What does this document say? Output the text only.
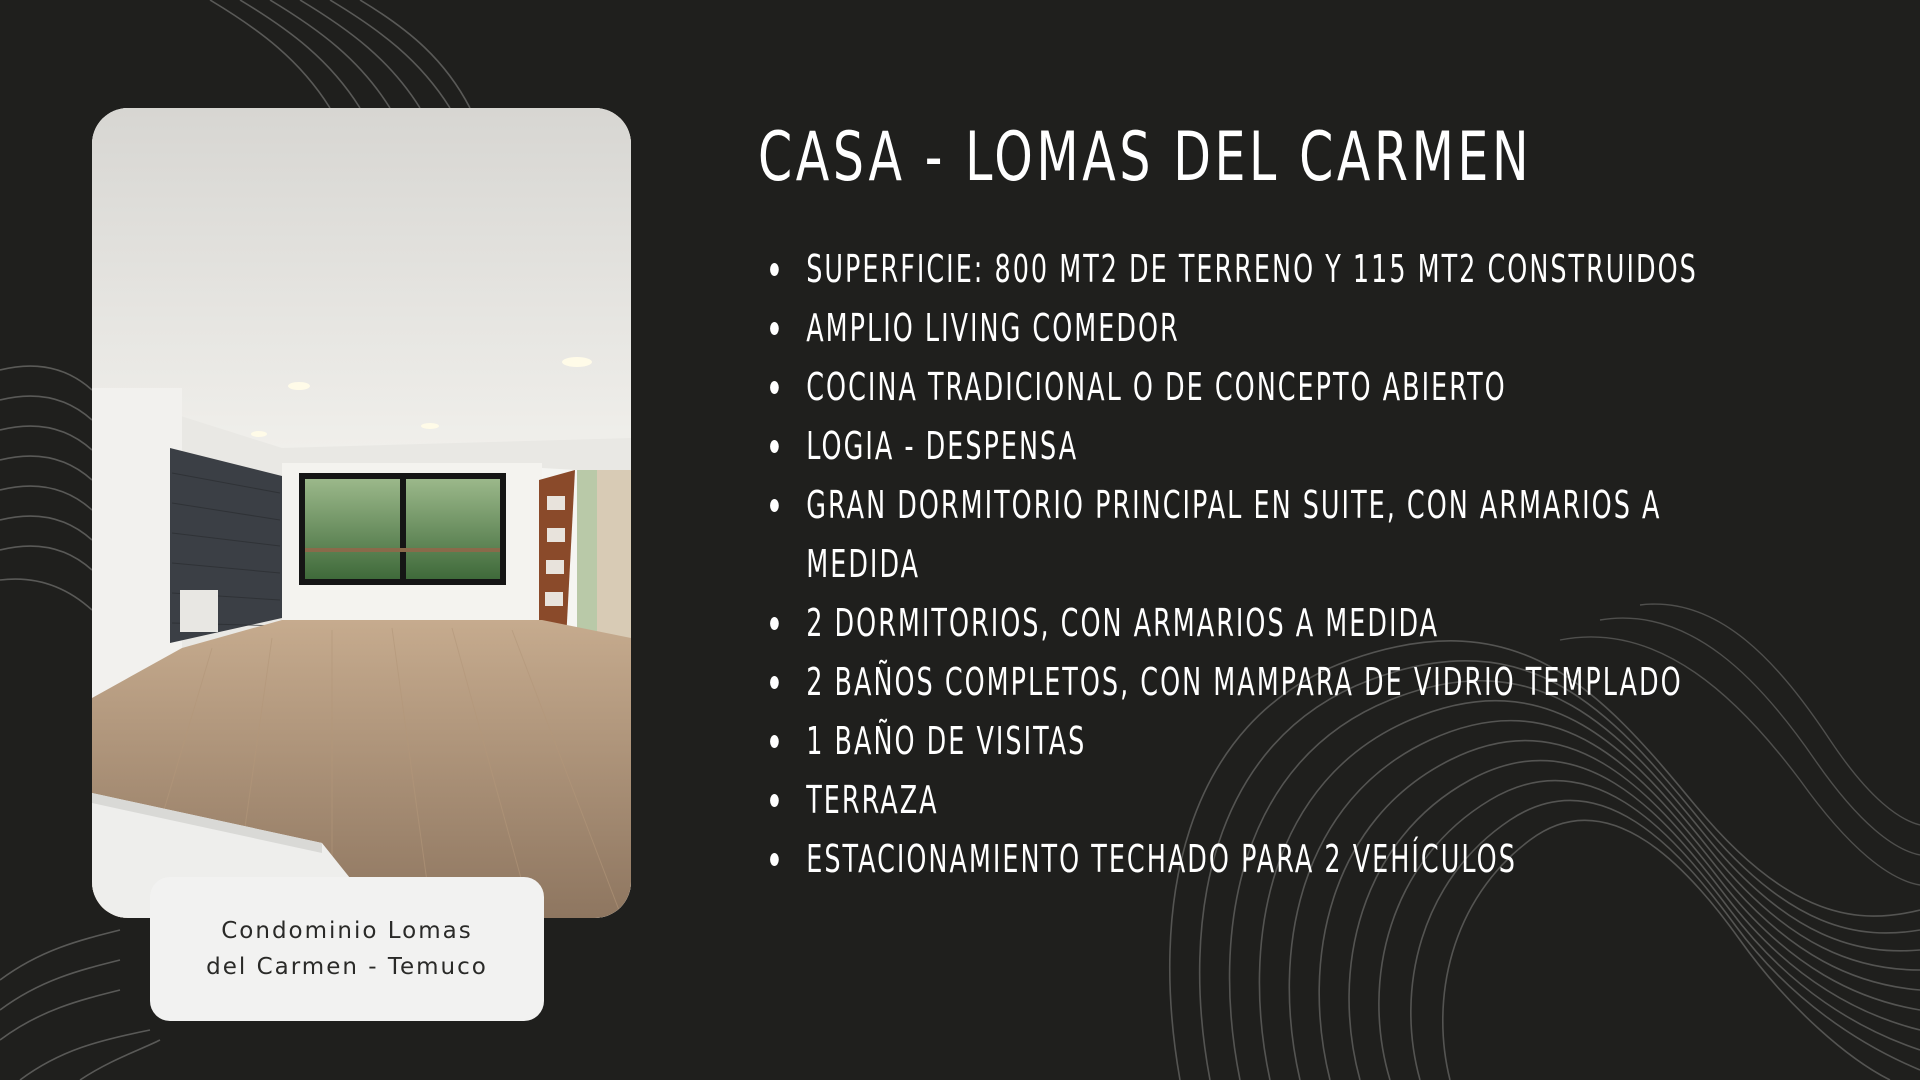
Condominio Lomas del Carmen - Temuco
CASA - LOMAS DEL CARMEN
SUPERFICIE: 800 MT2 DE TERRENO Y 115 MT2 CONSTRUIDOS
AMPLIO LIVING COMEDOR
COCINA TRADICIONAL O DE CONCEPTO ABIERTO
LOGIA - DESPENSA
GRAN DORMITORIO PRINCIPAL EN SUITE, CON ARMARIOS A
MEDIDA
2 DORMITORIOS, CON ARMARIOS A MEDIDA
2 BAÑOS COMPLETOS, CON MAMPARA DE VIDRIO TEMPLADO
1 BAÑO DE VISITAS
TERRAZA
ESTACIONAMIENTO TECHADO PARA 2 VEHÍCULOS
